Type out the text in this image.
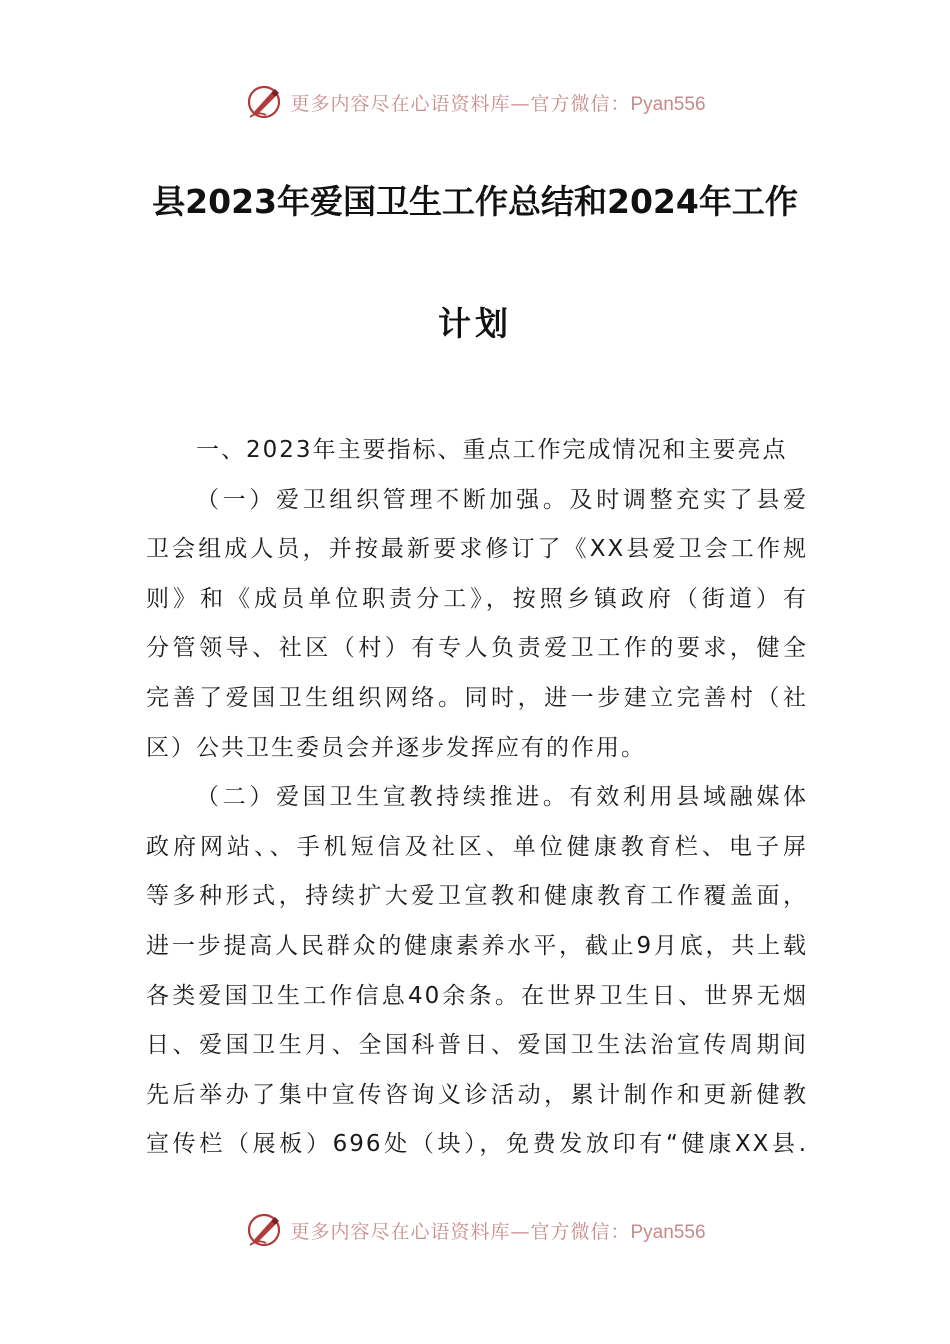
更多内容尽在心语资料库—官方微信：Pyan556
县2023年爱国卫生工作总结和2024年工作
计划
一、2023年主要指标、重点工作完成情况和主要亮点
（一）爱卫组织管理不断加强。及时调整充实了县爱
卫会组成人员，并按最新要求修订了《XX县爱卫会工作规
则》和《成员单位职责分工》，按照乡镇政府（街道）有
分管领导、社区（村）有专人负责爱卫工作的要求，健全
完善了爱国卫生组织网络。同时，进一步建立完善村（社
区）公共卫生委员会并逐步发挥应有的作用。
（二）爱国卫生宣教持续推进。有效利用县域融媒体
政府网站、、手机短信及社区、单位健康教育栏、电子屏
等多种形式，持续扩大爱卫宣教和健康教育工作覆盖面，
进一步提高人民群众的健康素养水平，截止9月底，共上载
各类爱国卫生工作信息40余条。在世界卫生日、世界无烟
日、爱国卫生月、全国科普日、爱国卫生法治宣传周期间
先后举办了集中宣传咨询义诊活动，累计制作和更新健教
宣传栏（展板）696处（块），免费发放印有“健康XX县.
更多内容尽在心语资料库—官方微信：Pyan556
